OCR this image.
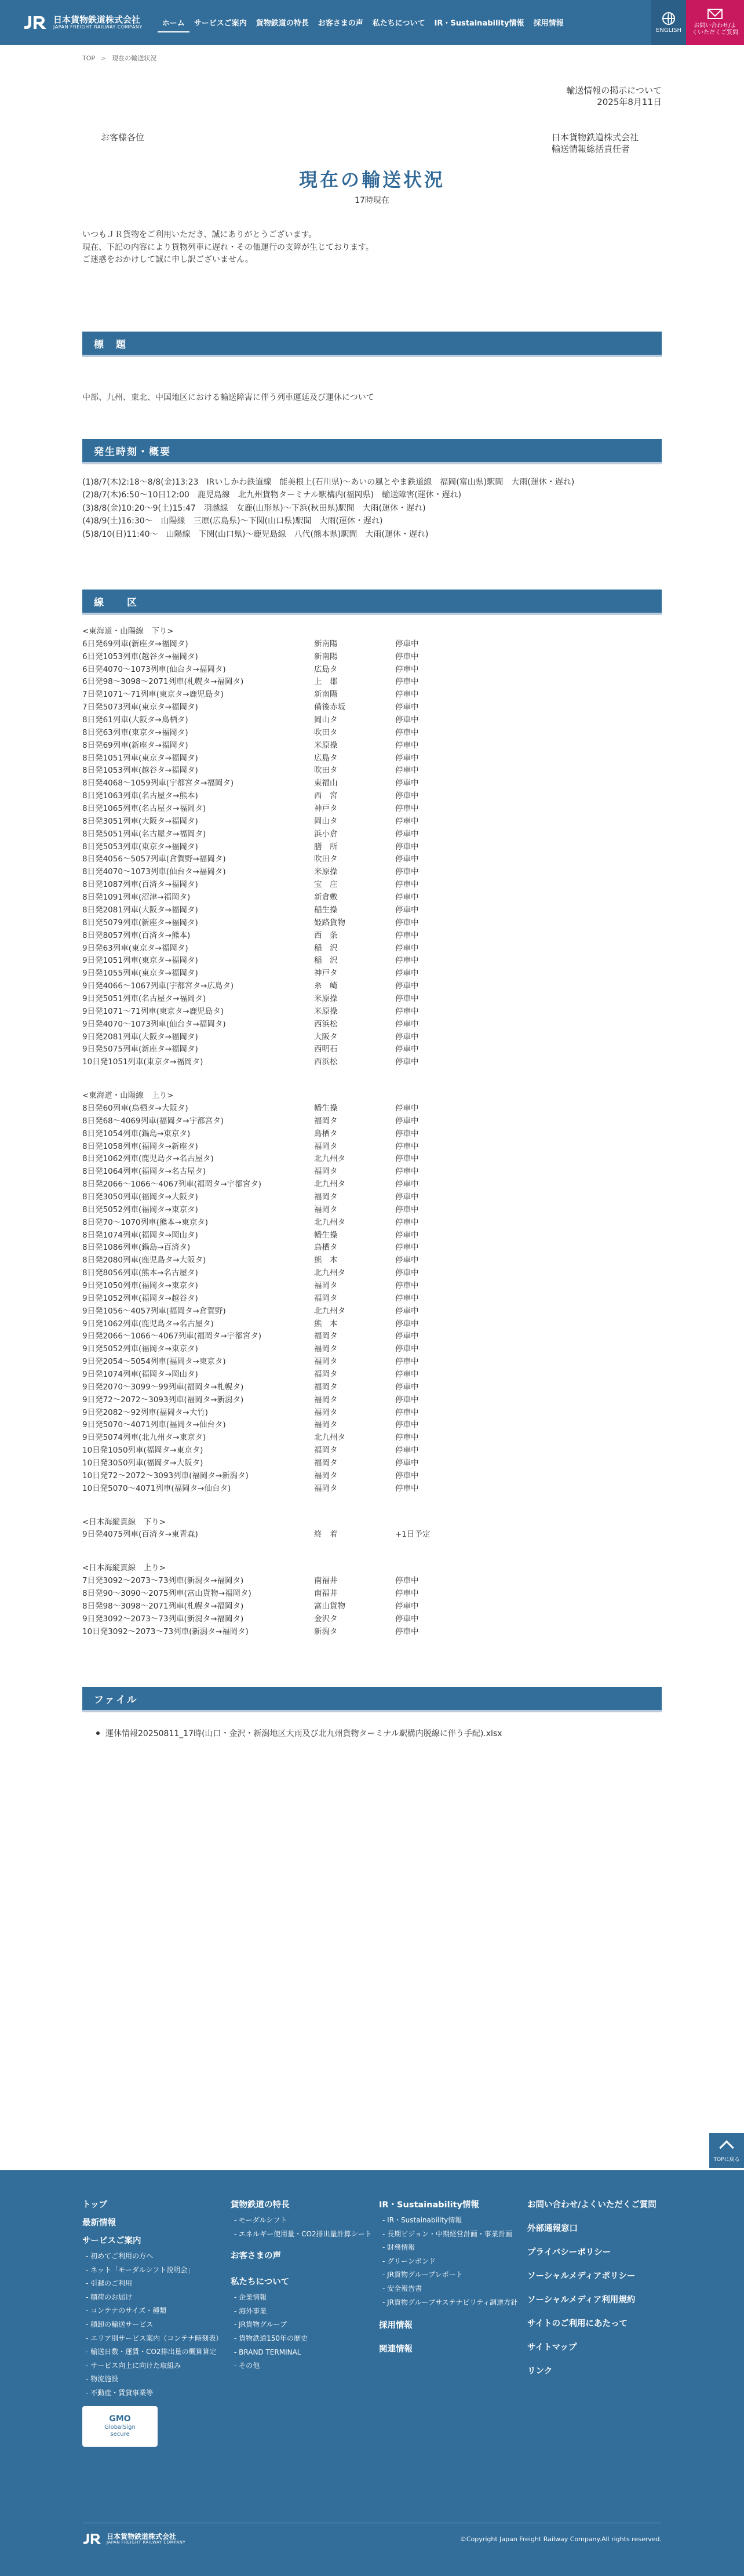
日本貨物鉄道株式会社
JAPAN FREIGHT RAILWAY COMPANY	ホーム	サービスご案内	貨物鉄道の特長	お客さまの声	私たちについて	IR・Sustainability情報	採用情報
ENGLISH
お問い合わせ/よくいただくご質問
TOP > 現在の輸送状況
輸送情報の掲示について
2025年8月11日
お客様各位	日本貨物鉄道株式会社
輸送情報総括責任者
現在の輸送状況
17時現在
いつもＪＲ貨物をご利用いただき、誠にありがとうございます。
現在、下記の内容により貨物列車に遅れ・その他運行の支障が生じております。
ご迷惑をおかけして誠に申し訳ございません。
標　題
中部、九州、東北、中国地区における輸送障害に伴う列車運延及び運休について
発生時刻・概要
(1)8/7(木)2:18〜8/8(金)13:23　IRいしかわ鉄道線　能美根上(石川県)〜あいの風とやま鉄道線　福岡(富山県)駅間　大雨(運休・遅れ)
(2)8/7(木)6:50〜10日12:00　鹿児島線　北九州貨物ターミナル駅構内(福岡県)　輸送障害(運休・遅れ)
(3)8/8(金)10:20〜9(土)15:47　羽越線　女鹿(山形県)〜下浜(秋田県)駅間　大雨(運休・遅れ)
(4)8/9(土)16:30〜　山陽線　三原(広島県)〜下関(山口県)駅間　大雨(運休・遅れ)
(5)8/10(日)11:40〜　山陽線　下関(山口県)〜鹿児島線　八代(熊本県)駅間　大雨(運休・遅れ)
線　　区
<東海道・山陽線　下り>
6日発69列車(新座タ→福岡タ)	新南陽	停車中
6日発1053列車(越谷タ→福岡タ)	新南陽	停車中
6日発4070〜1073列車(仙台タ→福岡タ)	広島タ	停車中
6日発98〜3098〜2071列車(札幌タ→福岡タ)	上　郡	停車中
7日発1071〜71列車(東京タ→鹿児島タ)	新南陽	停車中
7日発5073列車(東京タ→福岡タ)	備後赤坂	停車中
8日発61列車(大阪タ→鳥栖タ)	岡山タ	停車中
8日発63列車(東京タ→福岡タ)	吹田タ	停車中
8日発69列車(新座タ→福岡タ)	米原操	停車中
8日発1051列車(東京タ→福岡タ)	広島タ	停車中
8日発1053列車(越谷タ→福岡タ)	吹田タ	停車中
8日発4068〜1059列車(宇都宮タ→福岡タ)	東福山	停車中
8日発1063列車(名古屋タ→熊本)	西　宮	停車中
8日発1065列車(名古屋タ→福岡タ)	神戸タ	停車中
8日発3051列車(大阪タ→福岡タ)	岡山タ	停車中
8日発5051列車(名古屋タ→福岡タ)	浜小倉	停車中
8日発5053列車(東京タ→福岡タ)	膳　所	停車中
8日発4056〜5057列車(倉賀野→福岡タ)	吹田タ	停車中
8日発4070〜1073列車(仙台タ→福岡タ)	米原操	停車中
8日発1087列車(百済タ→福岡タ)	宝　庄	停車中
8日発1091列車(沼津→福岡タ)	新倉敷	停車中
8日発2081列車(大阪タ→福岡タ)	稲生操	停車中
8日発5079列車(新座タ→福岡タ)	姫路貨物	停車中
8日発8057列車(百済タ→熊本)	西　条	停車中
9日発63列車(東京タ→福岡タ)	稲　沢	停車中
9日発1051列車(東京タ→福岡タ)	稲　沢	停車中
9日発1055列車(東京タ→福岡タ)	神戸タ	停車中
9日発4066〜1067列車(宇都宮タ→広島タ)	糸　崎	停車中
9日発5051列車(名古屋タ→福岡タ)	米原操	停車中
9日発1071〜71列車(東京タ→鹿児島タ)	米原操	停車中
9日発4070〜1073列車(仙台タ→福岡タ)	西浜松	停車中
9日発2081列車(大阪タ→福岡タ)	大阪タ	停車中
9日発5075列車(新座タ→福岡タ)	西明石	停車中
10日発1051列車(東京タ→福岡タ)	西浜松	停車中
<東海道・山陽線　上り>
8日発60列車(鳥栖タ→大阪タ)	幡生操	停車中
8日発68〜4069列車(福岡タ→宇都宮タ)	福岡タ	停車中
8日発1054列車(鍋島→東京タ)	鳥栖タ	停車中
8日発1058列車(福岡タ→新座タ)	福岡タ	停車中
8日発1062列車(鹿児島タ→名古屋タ)	北九州タ	停車中
8日発1064列車(福岡タ→名古屋タ)	福岡タ	停車中
8日発2066〜1066〜4067列車(福岡タ→宇都宮タ)	北九州タ	停車中
8日発3050列車(福岡タ→大阪タ)	福岡タ	停車中
8日発5052列車(福岡タ→東京タ)	福岡タ	停車中
8日発70〜1070列車(熊本→東京タ)	北九州タ	停車中
8日発1074列車(福岡タ→岡山タ)	幡生操	停車中
8日発1086列車(鍋島→百済タ)	鳥栖タ	停車中
8日発2080列車(鹿児島タ→大阪タ)	熊　本	停車中
8日発8056列車(熊本→名古屋タ)	北九州タ	停車中
9日発1050列車(福岡タ→東京タ)	福岡タ	停車中
9日発1052列車(福岡タ→越谷タ)	福岡タ	停車中
9日発1056〜4057列車(福岡タ→倉賀野)	北九州タ	停車中
9日発1062列車(鹿児島タ→名古屋タ)	熊　本	停車中
9日発2066〜1066〜4067列車(福岡タ→宇都宮タ)	福岡タ	停車中
9日発5052列車(福岡タ→東京タ)	福岡タ	停車中
9日発2054〜5054列車(福岡タ→東京タ)	福岡タ	停車中
9日発1074列車(福岡タ→岡山タ)	福岡タ	停車中
9日発2070〜3099〜99列車(福岡タ→札幌タ)	福岡タ	停車中
9日発72〜2072〜3093列車(福岡タ→新潟タ)	福岡タ	停車中
9日発2082〜92列車(福岡タ→大竹)	福岡タ	停車中
9日発5070〜4071列車(福岡タ→仙台タ)	福岡タ	停車中
9日発5074列車(北九州タ→東京タ)	北九州タ	停車中
10日発1050列車(福岡タ→東京タ)	福岡タ	停車中
10日発3050列車(福岡タ→大阪タ)	福岡タ	停車中
10日発72〜2072〜3093列車(福岡タ→新潟タ)	福岡タ	停車中
10日発5070〜4071列車(福岡タ→仙台タ)	福岡タ	停車中
<日本海縦貫線　下り>
9日発4075列車(百済タ→東青森)	終　着	+1日予定
<日本海縦貫線　上り>
7日発3092〜2073〜73列車(新潟タ→福岡タ)	南福井	停車中
8日発90〜3090〜2075列車(富山貨物→福岡タ)	南福井	停車中
8日発98〜3098〜2071列車(札幌タ→福岡タ)	富山貨物	停車中
9日発3092〜2073〜73列車(新潟タ→福岡タ)	金沢タ	停車中
10日発3092〜2073〜73列車(新潟タ→福岡タ)	新潟タ	停車中
ファイル
運休情報20250811_17時(山口・金沢・新潟地区大雨及び北九州貨物ターミナル駅構内脱線に伴う手配).xlsx
TOPに戻る
トップ
最新情報
サービスご案内
- 初めてご利用の方へ
- ネット「モーダルシフト説明会」
- 引越のご利用
- 積荷のお届け
- コンテナのサイズ・種類
- 積卸の輸送サービス
- エリア別サービス案内（コンテナ時刻表）
- 輸送日数・運賃・CO2排出量の概算算定
- サービス向上に向けた取組み
- 物流施設
- 不動産・賃貸事業等
GMO
GlobalSign
secure
貨物鉄道の特長
- モーダルシフト
- エネルギー使用量・CO2排出量計算シート
お客さまの声
私たちについて
- 企業情報
- 海外事業
- JR貨物グループ
- 貨物鉄道150年の歴史
- BRAND TERMINAL
- その他
IR・Sustainability情報
- IR・Sustainability情報
- 長期ビジョン・中期経営計画・事業計画
- 財務情報
- グリーンボンド
- JR貨物グループレポート
- 安全報告書
- JR貨物グループサステナビリティ調達方針
採用情報
関連情報
お問い合わせ/よくいただくご質問
外部通報窓口
プライバシーポリシー
ソーシャルメディアポリシー
ソーシャルメディア利用規約
サイトのご利用にあたって
サイトマップ
リンク
日本貨物鉄道株式会社
JAPAN FREIGHT RAILWAY COMPANY	©Copyright Japan Freight Railway Company.All rights reserved.
